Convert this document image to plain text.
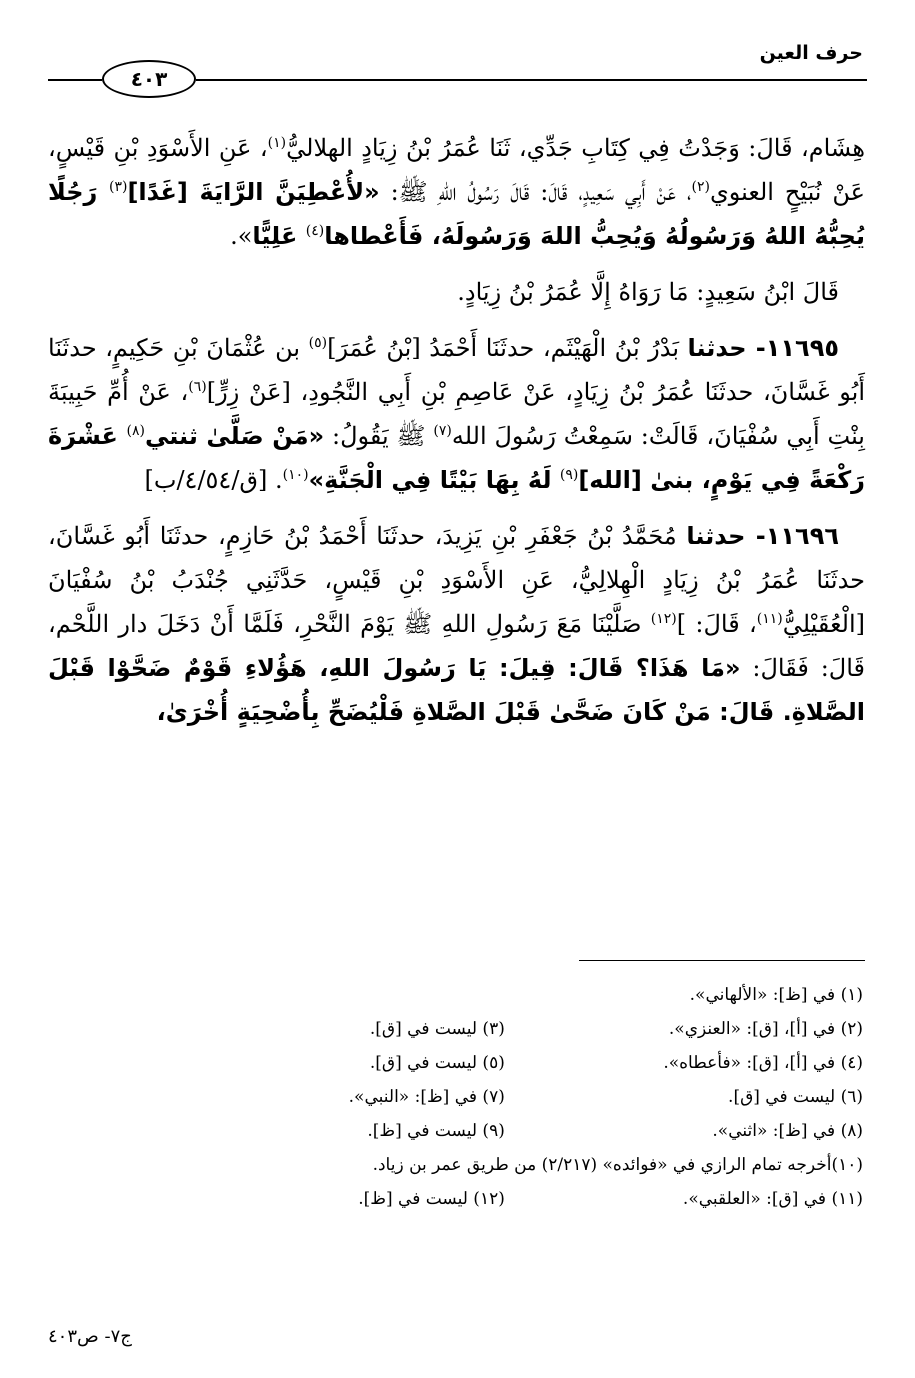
حرف العين
٤٠٣

هِشَام، قَالَ: وَجَدْتُ فِي كِتَابِ جَدِّي، ثَنَا عُمَرُ بْنُ زِيَادٍ الهلاليُّ$^{(١)}$، عَنِ الأَسْوَدِ بْنِ قَيْسٍ، عَنْ نُبَيْحٍ العنوي$^{(٢)}$، عَنْ أَبِي سَعِيدٍ، قَالَ: قَالَ رَسُولُ اللهِ ﷺ: «لأُعْطِيَنَّ الرَّايَةَ [غَدًا]$^{(٣)}$ رَجُلًا يُحِبُّهُ اللهُ وَرَسُولُهُ وَيُحِبُّ اللهَ وَرَسُولَهُ، فَأَعْطاها$^{(٤)}$ عَلِيًّا».

قَالَ ابْنُ سَعِيدٍ: مَا رَوَاهُ إِلَّا عُمَرُ بْنُ زِيَادٍ.

١١٦٩٥- حدثنا بَدْرُ بْنُ الْهَيْثَم، حدثَنَا أَحْمَدُ [بْنُ عُمَرَ]$^{(٥)}$ بن عُثْمَانَ بْنِ حَكِيمٍ، حدثَنَا أَبُو غَسَّانَ، حدثَنَا عُمَرُ بْنُ زِيَادٍ، عَنْ عَاصِمِ بْنِ أَبِي النَّجُودِ، [عَنْ زِرٍّ]$^{(٦)}$، عَنْ أُمِّ حَبِيبَةَ بِنْتِ أَبِي سُفْيَانَ، قَالَتْ: سَمِعْتُ رَسُولَ الله$^{(٧)}$ ﷺ يَقُولُ: «مَنْ صَلَّىٰ ثنتي$^{(٨)}$ عَشْرَةَ رَكْعَةً فِي يَوْمٍ، بنىٰ [الله]$^{(٩)}$ لَهُ بِهَا بَيْتًا فِي الْجَنَّةِ»$^{(١٠)}$. [ق/٤/٥٤/ب]

١١٦٩٦- حدثنا مُحَمَّدُ بْنُ جَعْفَرِ بْنِ يَزِيدَ، حدثَنَا أَحْمَدُ بْنُ حَازِمٍ، حدثَنَا أَبُو غَسَّانَ، حدثَنَا عُمَرُ بْنُ زِيَادٍ الْهِلالِيُّ، عَنِ الأَسْوَدِ بْنِ قَيْسٍ، حَدَّثَنِي جُنْدَبُ بْنُ سُفْيَانَ [الْعُقَيْلِيُّ$^{(١١)}$، قَالَ: ]$^{(١٢)}$ صَلَّيْنَا مَعَ رَسُولِ اللهِ ﷺ يَوْمَ النَّحْرِ، فَلَمَّا أَنْ دَخَلَ دار اللَّحْم، قَالَ: فَقَالَ: «مَا هَذَا؟ قَالَ: قِيلَ: يَا رَسُولَ اللهِ، هَؤُلاءِ قَوْمٌ ضَحَّوْا قَبْلَ الصَّلاةِ. قَالَ: مَنْ كَانَ ضَحَّىٰ قَبْلَ الصَّلاةِ فَلْيُضَحِّ بِأُضْحِيَةٍ أُخْرَىٰ،

(١) في [ظ]: «الألهاني».
(٢) في [أ]، [ق]: «العنزي».
(٣) ليست في [ق].
(٤) في [أ]، [ق]: «فأعطاه».
(٥) ليست في [ق].
(٦) ليست في [ق].
(٧) في [ظ]: «النبي».
(٨) في [ظ]: «اثني».
(٩) ليست في [ظ].
(١٠)أخرجه تمام الرازي في «فوائده» (٢/٢١٧) من طريق عمر بن زياد.
(١١) في [ق]: «العلقبي».
(١٢) ليست في [ظ].
ج٧- ص٤٠٣
